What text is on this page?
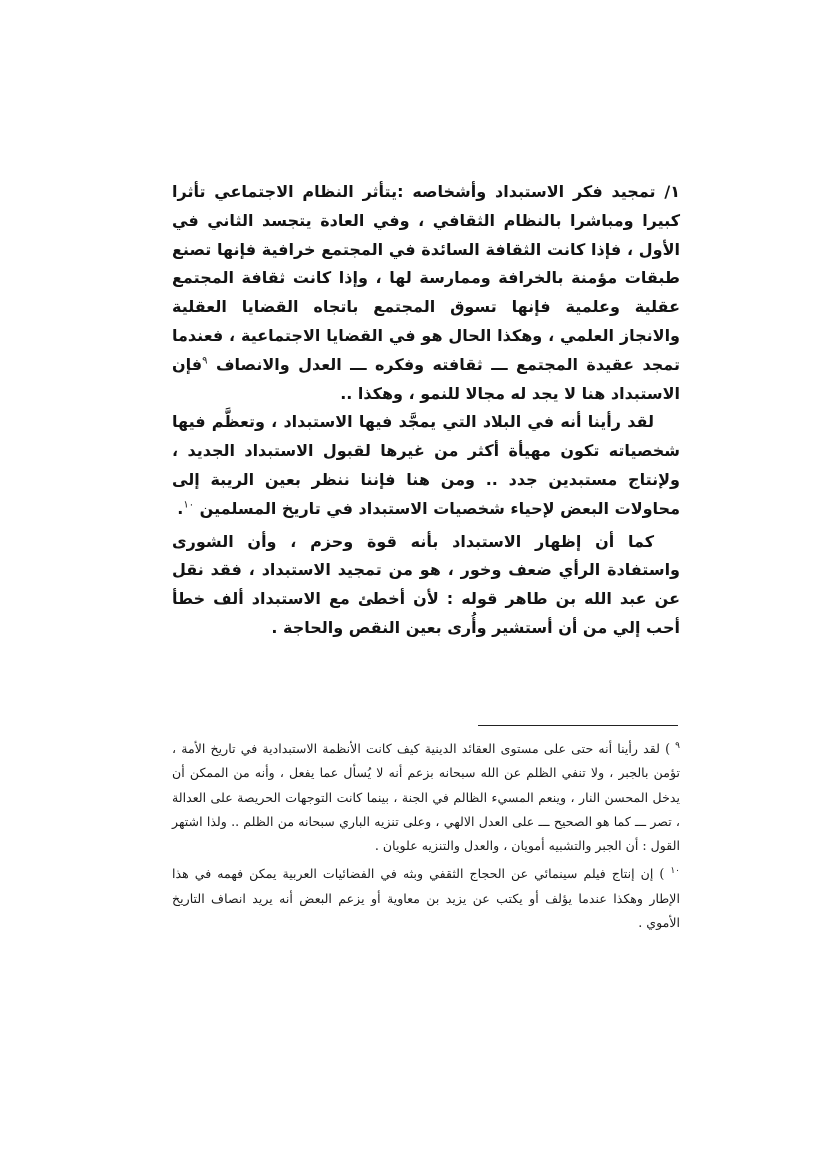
١/ تمجيد فكر الاستبداد وأشخاصه :يتأثر النظام الاجتماعي تأثرا كبيرا ومباشرا بالنظام الثقافي ، وفي العادة يتجسد الثاني في الأول ، فإذا كانت الثقافة السائدة في المجتمع خرافية فإنها تصنع طبقات مؤمنة بالخرافة وممارسة لها ، وإذا كانت ثقافة المجتمع عقلية وعلمية فإنها تسوق المجتمع باتجاه القضايا العقلية والانجاز العلمي ، وهكذا الحال هو في القضايا الاجتماعية ، فعندما تمجد عقيدة المجتمع ـــ ثقافته وفكره ـــ العدل والانصاف $^٩$فإن الاستبداد هنا لا يجد له مجالا للنمو ، وهكذا ..

لقد رأينا أنه في البلاد التي يمجَّد فيها الاستبداد ، وتعظَّم فيها شخصياته تكون مهيأة أكثر من غيرها لقبول الاستبداد الجديد ، ولإنتاج مستبدين جدد .. ومن هنا فإننا ننظر بعين الريبة إلى محاولات البعض لإحياء شخصيات الاستبداد في تاريخ المسلمين $^{١٠}$.

كما أن إظهار الاستبداد بأنه قوة وحزم ، وأن الشورى واستفادة الرأي ضعف وخور ، هو من تمجيد الاستبداد ، فقد نقل عن عبد الله بن طاهر قوله : لأن أخطئ مع الاستبداد ألف خطأ أحب إلي من أن أستشير وأُرى بعين النقص والحاجة .

$^٩$ ) لقد رأينا أنه حتى على مستوى العقائد الدينية كيف كانت الأنظمة الاستبدادية في تاريخ الأمة ، تؤمن بالجبر ، ولا تنفي الظلم عن الله سبحانه بزعم أنه لا يُسأل عما يفعل ، وأنه من الممكن أن يدخل المحسن النار ، وينعم المسيء الظالم في الجنة ، بينما كانت التوجهات الحريصة على العدالة ، تصر ـــ كما هو الصحيح ـــ على العدل الالهي ، وعلى تنزيه الباري سبحانه من الظلم .. ولذا اشتهر القول : أن الجبر والتشبيه أمويان ، والعدل والتنزيه علويان .

$^{١٠}$ ) إن إنتاج فيلم سينمائي عن الحجاج الثقفي وبثه في الفضائيات العربية يمكن فهمه في هذا الإطار وهكذا عندما يؤلف أو يكتب عن يزيد بن معاوية أو يزعم البعض أنه يريد انصاف التاريخ الأموي .
